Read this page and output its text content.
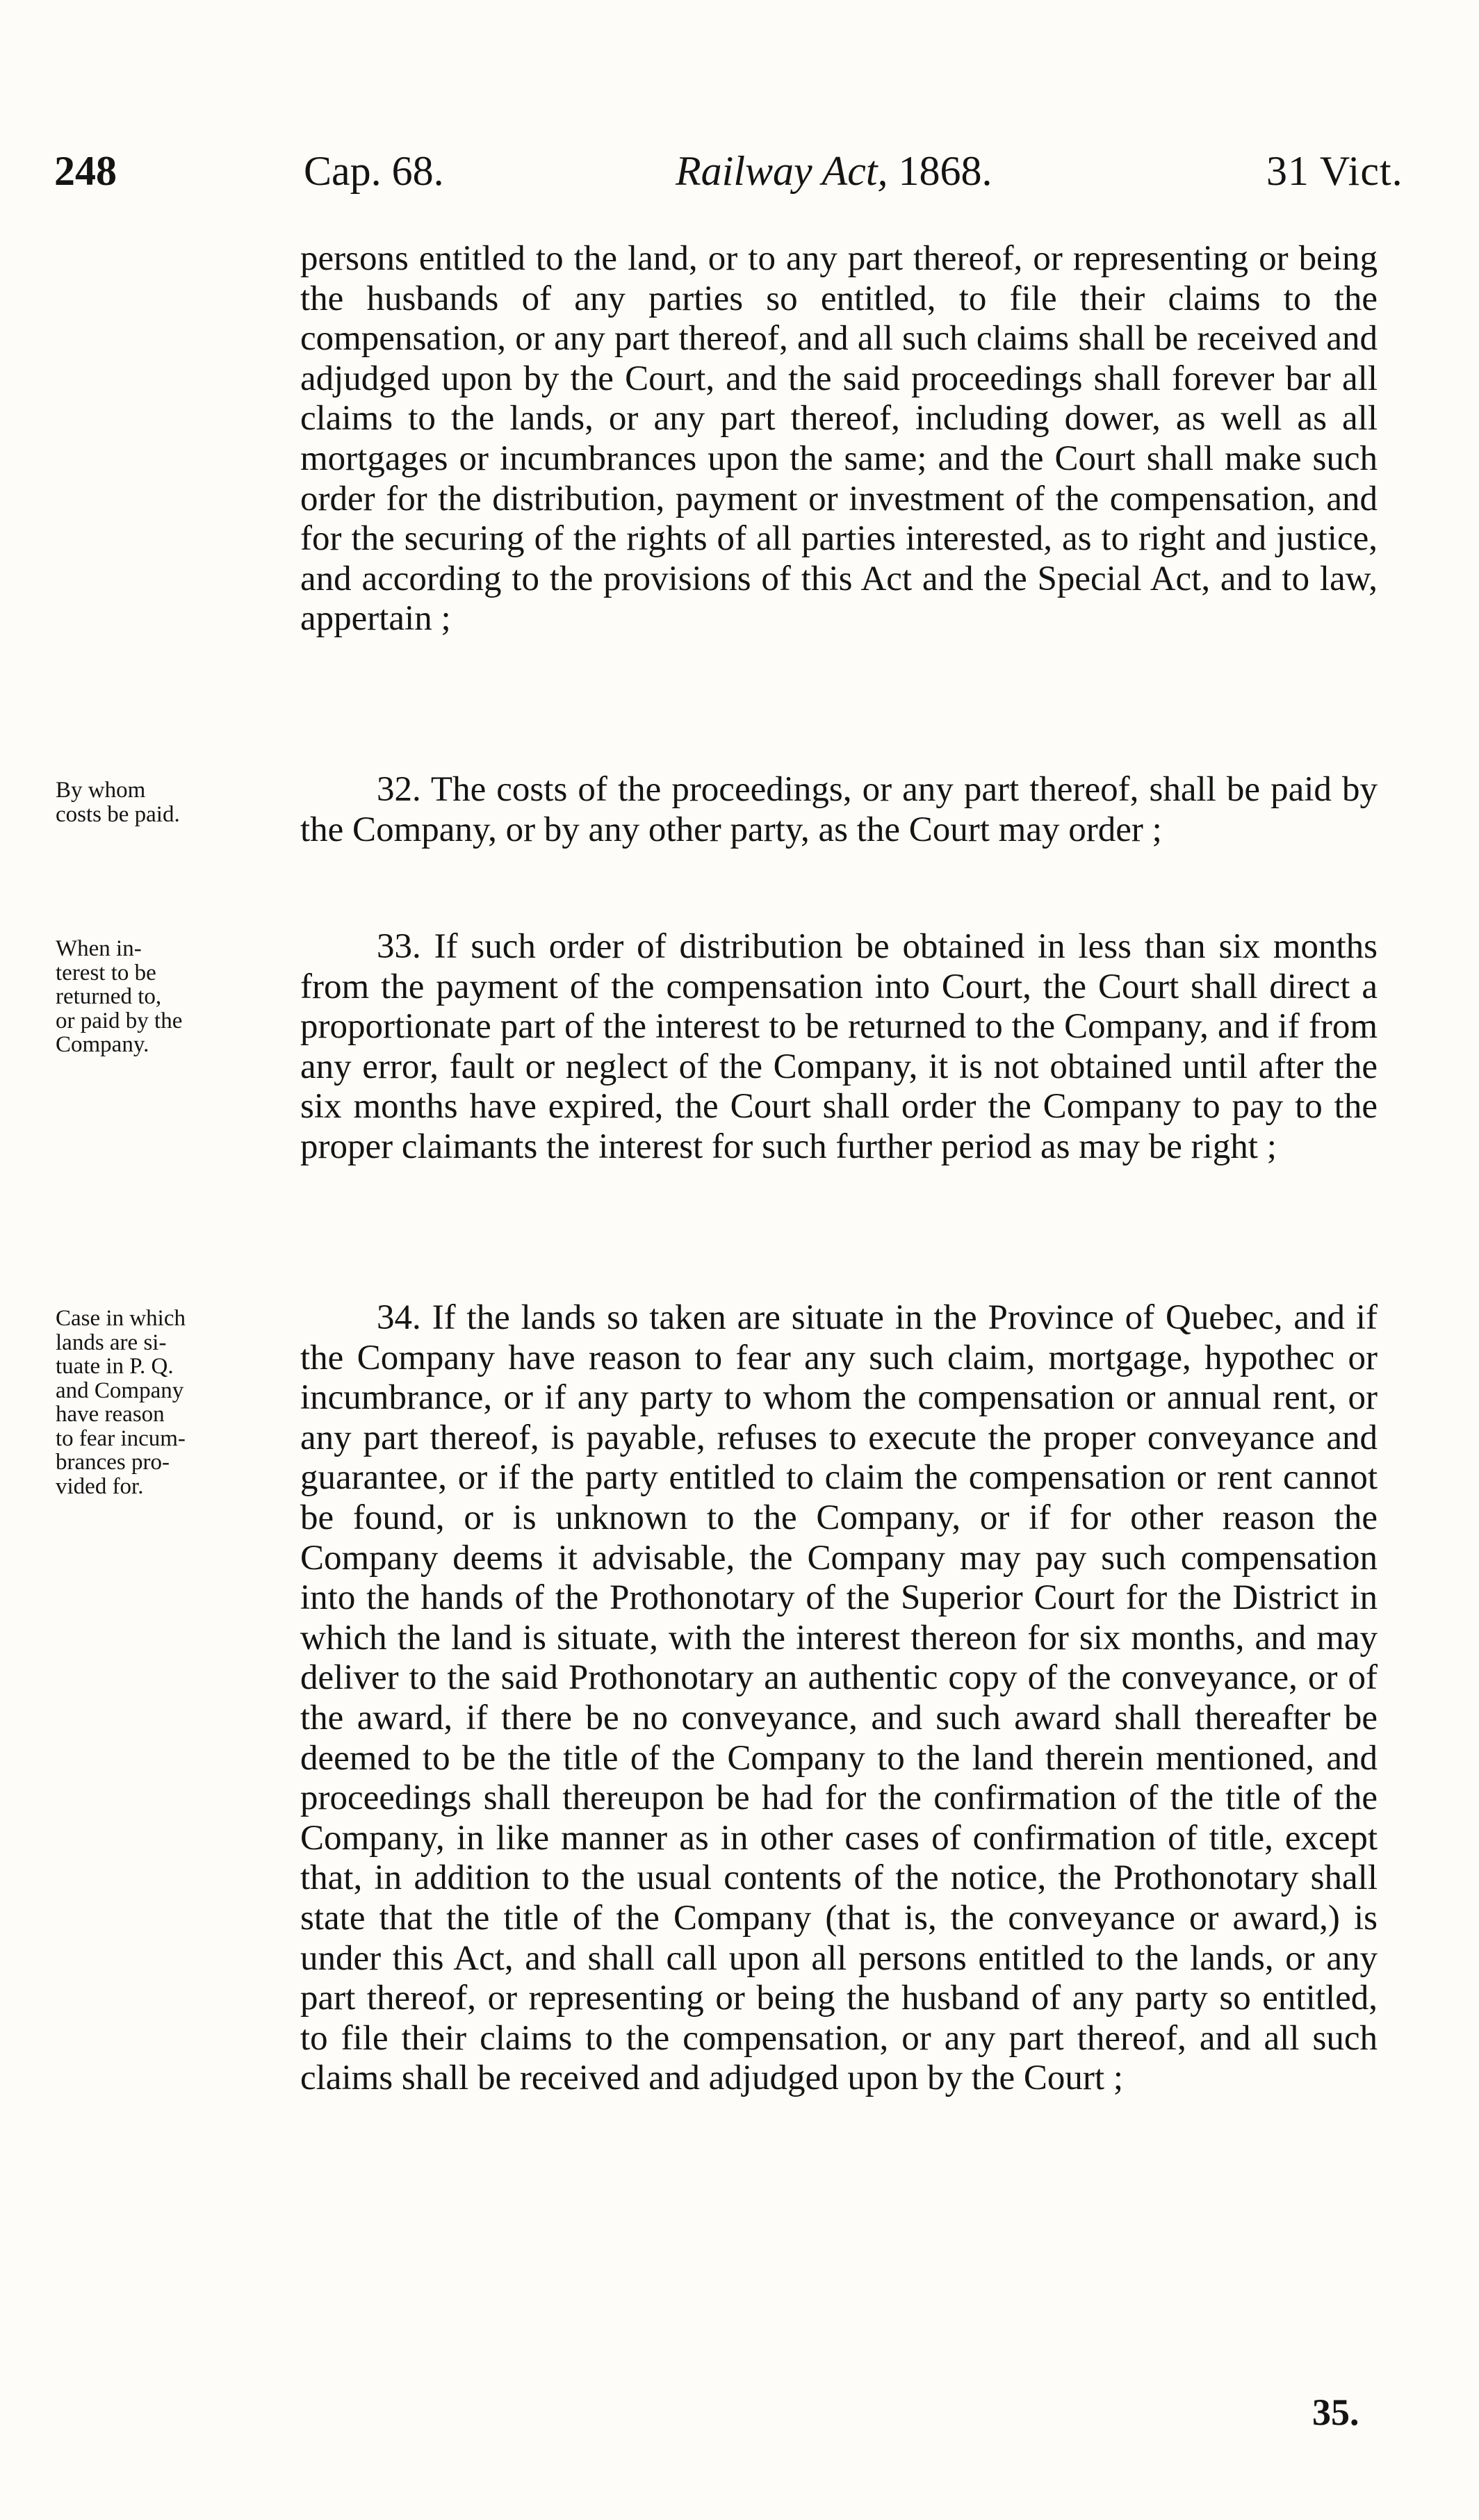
248	Cap. 68.	Railway Act, 1868.	31 Vict.

persons entitled to the land, or to any part thereof, or representing or being the husbands of any parties so entitled, to file their claims to the compensation, or any part thereof, and all such claims shall be received and adjudged upon by the Court, and the said proceedings shall forever bar all claims to the lands, or any part thereof, including dower, as well as all mortgages or incumbrances upon the same; and the Court shall make such order for the distribution, payment or investment of the compensation, and for the securing of the rights of all parties interested, as to right and justice, and according to the provisions of this Act and the Special Act, and to law, appertain ;

By whom
costs be paid.

32. The costs of the proceedings, or any part thereof, shall be paid by the Company, or by any other party, as the Court may order ;

When in-
terest to be
returned to,
or paid by the
Company.

33. If such order of distribution be obtained in less than six months from the payment of the compensation into Court, the Court shall direct a proportionate part of the interest to be returned to the Company, and if from any error, fault or neglect of the Company, it is not obtained until after the six months have expired, the Court shall order the Company to pay to the proper claimants the interest for such further period as may be right ;

Case in which
lands are si-
tuate in P. Q.
and Company
have reason
to fear incum-
brances pro-
vided for.

34. If the lands so taken are situate in the Province of Quebec, and if the Company have reason to fear any such claim, mortgage, hypothec or incumbrance, or if any party to whom the compensation or annual rent, or any part thereof, is payable, refuses to execute the proper conveyance and guarantee, or if the party entitled to claim the compensation or rent cannot be found, or is unknown to the Company, or if for other reason the Company deems it advisable, the Company may pay such compensation into the hands of the Prothonotary of the Superior Court for the District in which the land is situate, with the interest thereon for six months, and may deliver to the said Prothonotary an authentic copy of the conveyance, or of the award, if there be no conveyance, and such award shall thereafter be deemed to be the title of the Company to the land therein mentioned, and proceedings shall thereupon be had for the confirmation of the title of the Company, in like manner as in other cases of confirmation of title, except that, in addition to the usual contents of the notice, the Prothonotary shall state that the title of the Company (that is, the conveyance or award,) is under this Act, and shall call upon all persons entitled to the lands, or any part thereof, or representing or being the husband of any party so entitled, to file their claims to the compensation, or any part thereof, and all such claims shall be received and adjudged upon by the Court ;

35.
